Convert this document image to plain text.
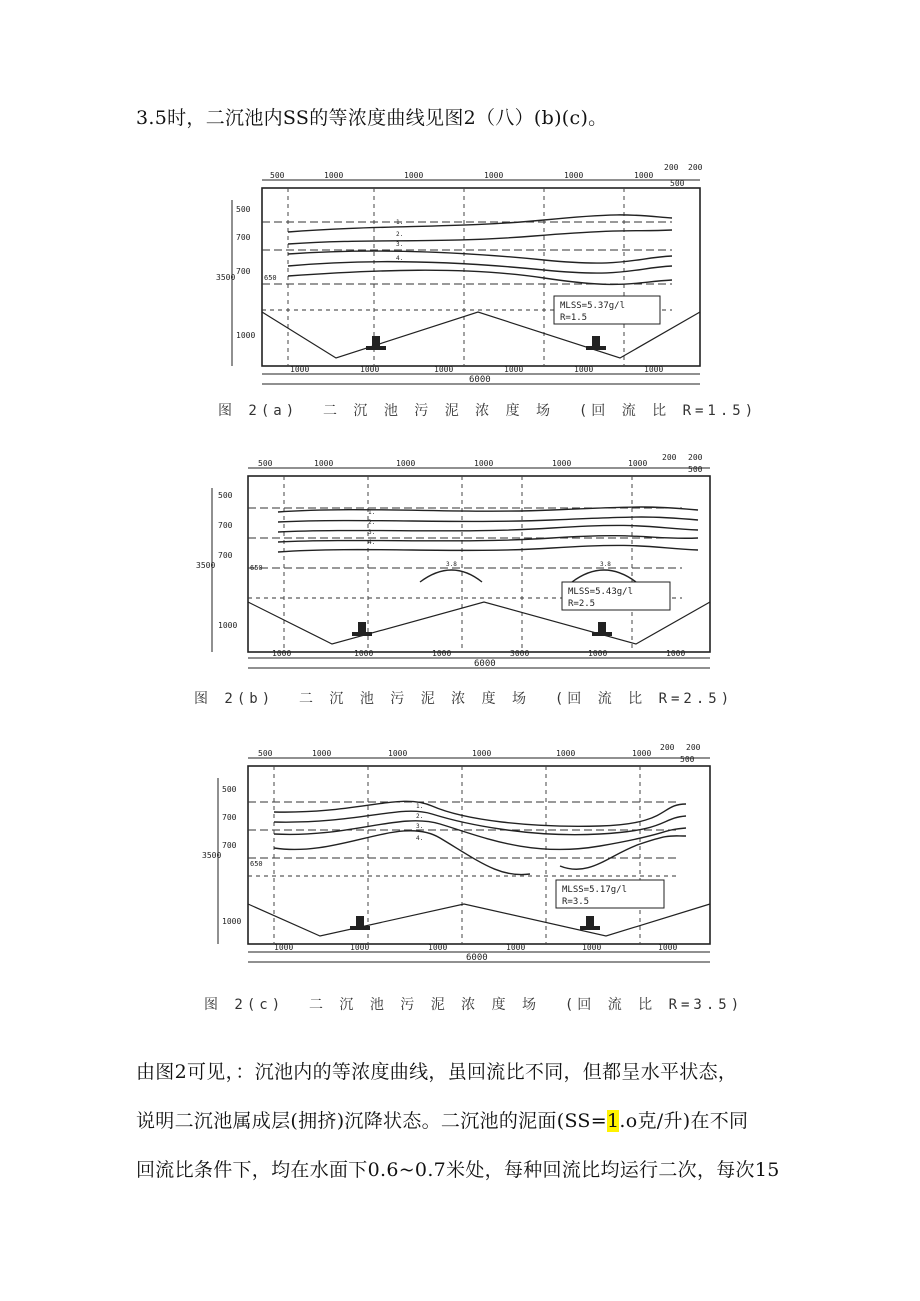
3.5时，二沉池内SS的等浓度曲线见图2（八）(b)(c)。
MLSS=5.37g/l
R=1.5
6000
3500	650
500	1000	1000	1000	1000	1000
200 200
500
1000	1000	1000	1000	1000	1000
500
700
700
1000
1.
2.
3.
4.
图 2(a)  二 沉 池 污 泥 浓 度 场  (回 流 比 R=1.5)
MLSS=5.43g/l
R=2.5
6000
3500	650
500	1000	1000	1000	1000	1000
200 200
500
1000	1000	1000	3000	1000	1000
500
700
700
1000
1.
2.
3.
4.
3.8	3.8
图 2(b)  二 沉 池 污 泥 浓 度 场  (回 流 比 R=2.5)
MLSS=5.17g/l
R=3.5
6000
3500
650
500	1000	1000	1000	1000	1000
200 200
500
1000	1000	1000	1000	1000	1000
500
700
700
1000
1.
2.
3.
4.
图 2(c)  二 沉 池 污 泥 浓 度 场  (回 流 比 R=3.5)
由图2可见，：沉池内的等浓度曲线，虽回流比不同，但都呈水平状态，
说明二沉池属成层(拥挤)沉降状态。二沉池的泥面(SS=1.o克/升)在不同
回流比条件下，均在水面下0.6~0.7米处，每种回流比均运行二次，每次15
